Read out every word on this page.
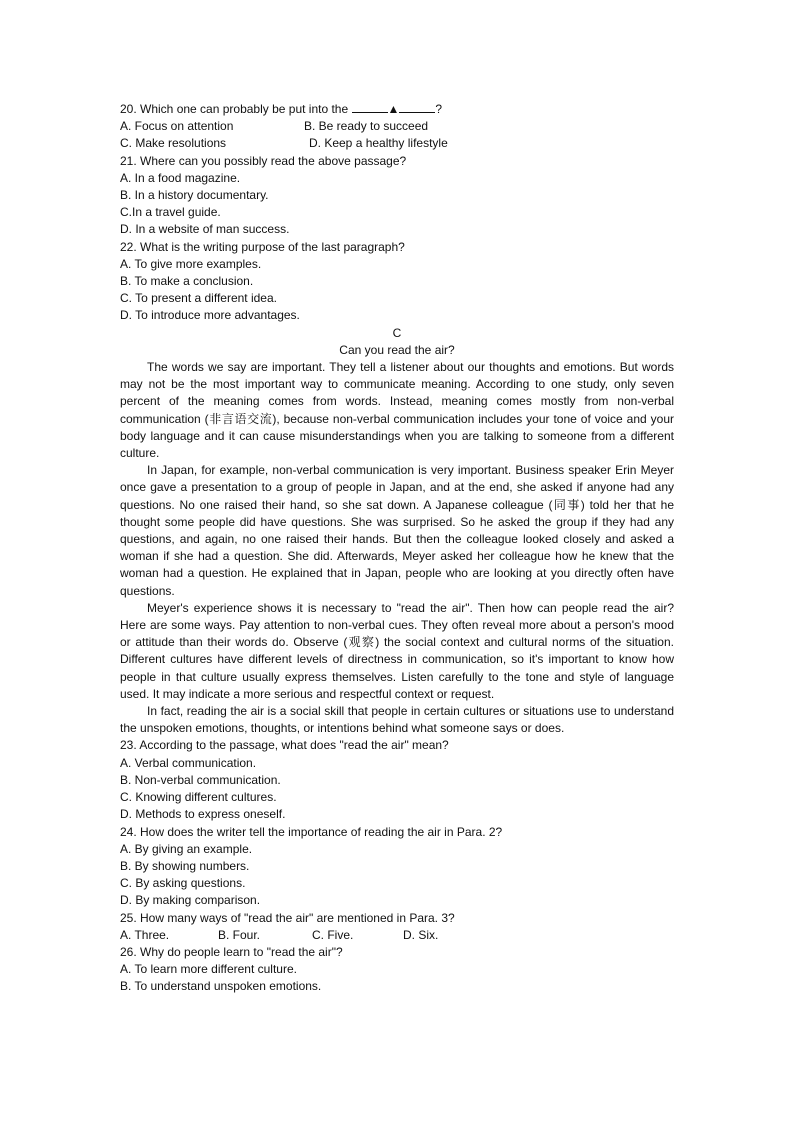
20. Which one can probably be put into the	▲	?
A. Focus on attention	B. Be ready to succeed
C. Make resolutions	D. Keep a healthy lifestyle
21. Where can you possibly read the above passage?
A. In a food magazine.
B. In a history documentary.
C.In a travel guide.
D. In a website of man success.
22. What is the writing purpose of the last paragraph?
A. To give more examples.
B. To make a conclusion.
C. To present a different idea.
D. To introduce more advantages.
C
Can you read the air?

The words we say are important. They tell a listener about our thoughts and emotions. But words may not be the most important way to communicate meaning. According to one study, only seven percent of the meaning comes from words. Instead, meaning comes mostly from non-verbal communication (非言语交流), because non-verbal communication includes your tone of voice and your body language and it can cause misunderstandings when you are talking to someone from a different culture.

In Japan, for example, non-verbal communication is very important. Business speaker Erin Meyer once gave a presentation to a group of people in Japan, and at the end, she asked if anyone had any questions. No one raised their hand, so she sat down. A Japanese colleague (同事) told her that he thought some people did have questions. She was surprised. So he asked the group if they had any questions, and again, no one raised their hands. But then the colleague looked closely and asked a woman if she had a question. She did. Afterwards, Meyer asked her colleague how he knew that the woman had a question. He explained that in Japan, people who are looking at you directly often have questions.

Meyer's experience shows it is necessary to "read the air". Then how can people read the air? Here are some ways. Pay attention to non-verbal cues. They often reveal more about a person's mood or attitude than their words do. Observe (观察) the social context and cultural norms of the situation. Different cultures have different levels of directness in communication, so it's important to know how people in that culture usually express themselves. Listen carefully to the tone and style of language used. It may indicate a more serious and respectful context or request.

In fact, reading the air is a social skill that people in certain cultures or situations use to understand the unspoken emotions, thoughts, or intentions behind what someone says or does.

23. According to the passage, what does "read the air" mean?
A. Verbal communication.
B. Non-verbal communication.
C. Knowing different cultures.
D. Methods to express oneself.
24. How does the writer tell the importance of reading the air in Para. 2?
A. By giving an example.
B. By showing numbers.
C. By asking questions.
D. By making comparison.
25. How many ways of "read the air" are mentioned in Para. 3?
A. Three.	B. Four.	C. Five.	D. Six.
26. Why do people learn to "read the air"?
A. To learn more different culture.
B. To understand unspoken emotions.
